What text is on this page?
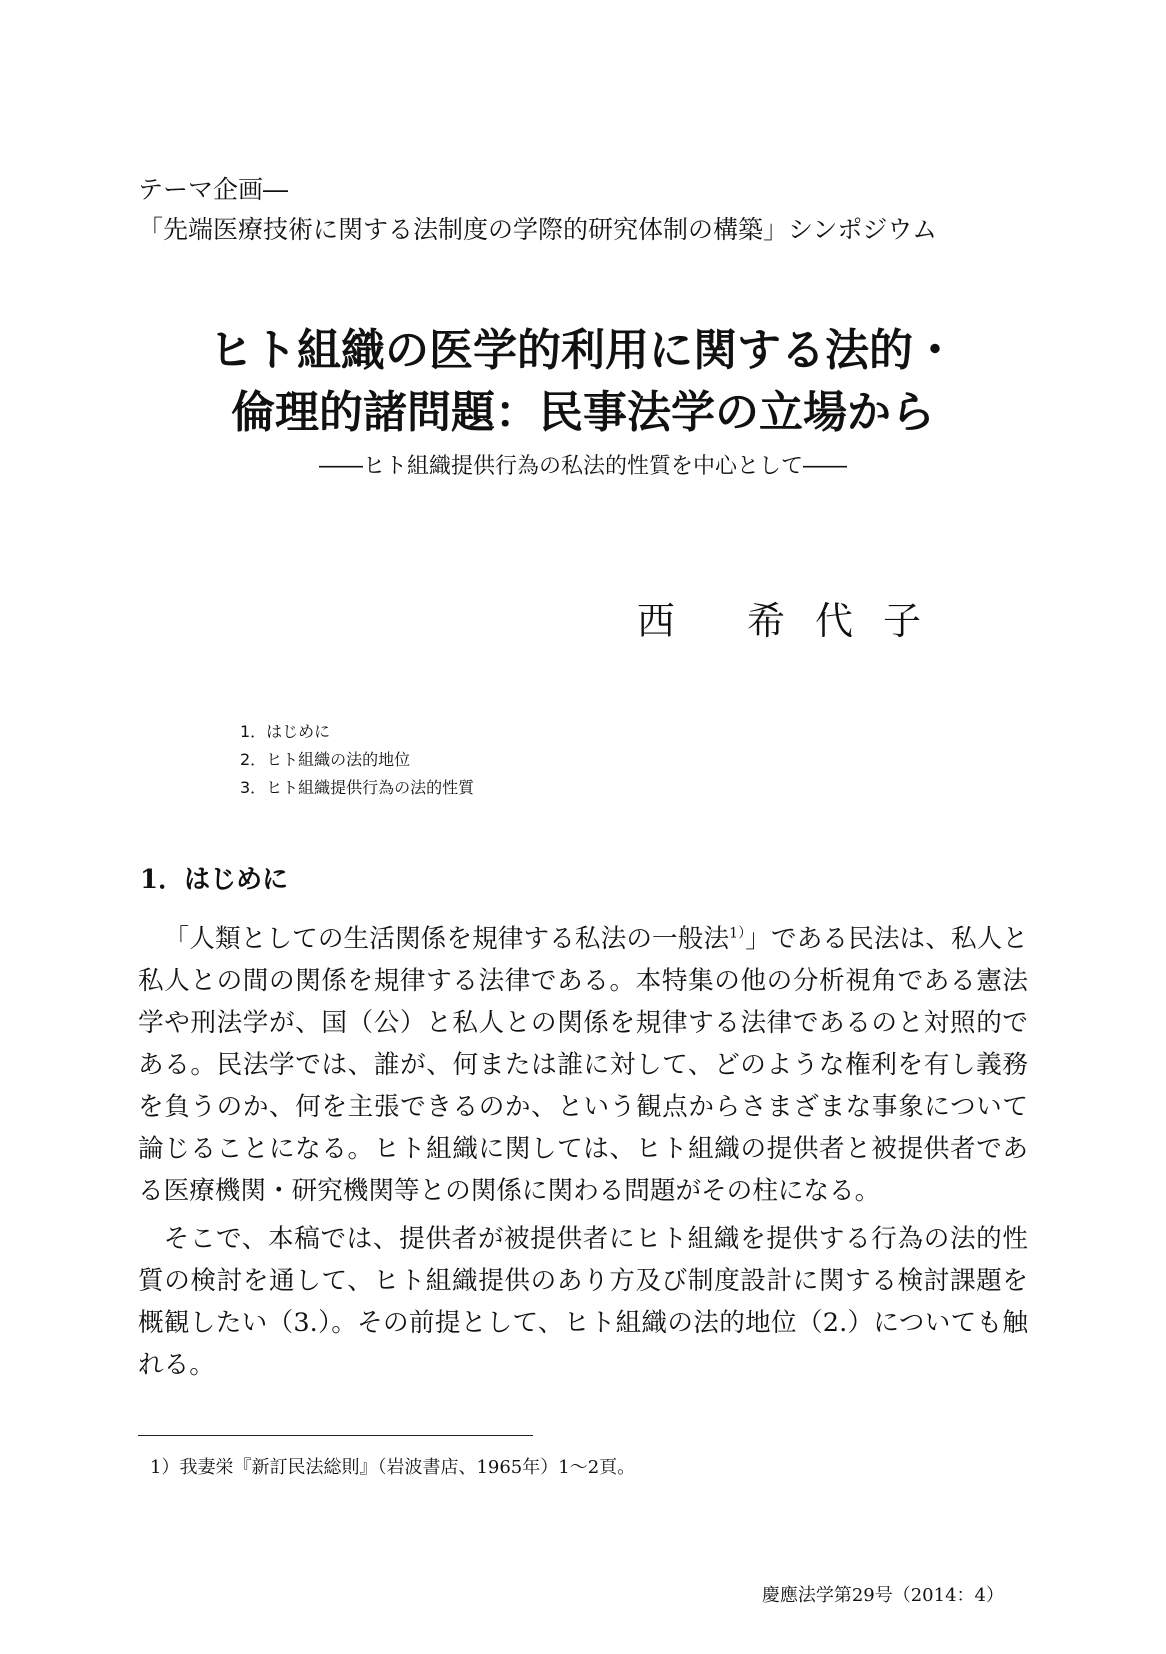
テーマ企画―
「先端医療技術に関する法制度の学際的研究体制の構築」シンポジウム
ヒト組織の医学的利用に関する法的・
倫理的諸問題：民事法学の立場から
――ヒト組織提供行為の私法的性質を中心として――
西 希代子
1．はじめに
2．ヒト組織の法的地位
3．ヒト組織提供行為の法的性質
1．はじめに

「人類としての生活関係を規律する私法の一般法$^{1)}$」である民法は、私人と私人との間の関係を規律する法律である。本特集の他の分析視角である憲法学や刑法学が、国（公）と私人との関係を規律する法律であるのと対照的である。民法学では、誰が、何または誰に対して、どのような権利を有し義務を負うのか、何を主張できるのか、という観点からさまざまな事象について論じることになる。ヒト組織に関しては、ヒト組織の提供者と被提供者である医療機関・研究機関等との関係に関わる問題がその柱になる。

そこで、本稿では、提供者が被提供者にヒト組織を提供する行為の法的性質の検討を通して、ヒト組織提供のあり方及び制度設計に関する検討課題を概観したい（3.）。その前提として、ヒト組織の法的地位（2.）についても触れる。

1）我妻栄『新訂民法総則』（岩波書店、1965年）1～2頁。
慶應法学第29号（2014：4）
